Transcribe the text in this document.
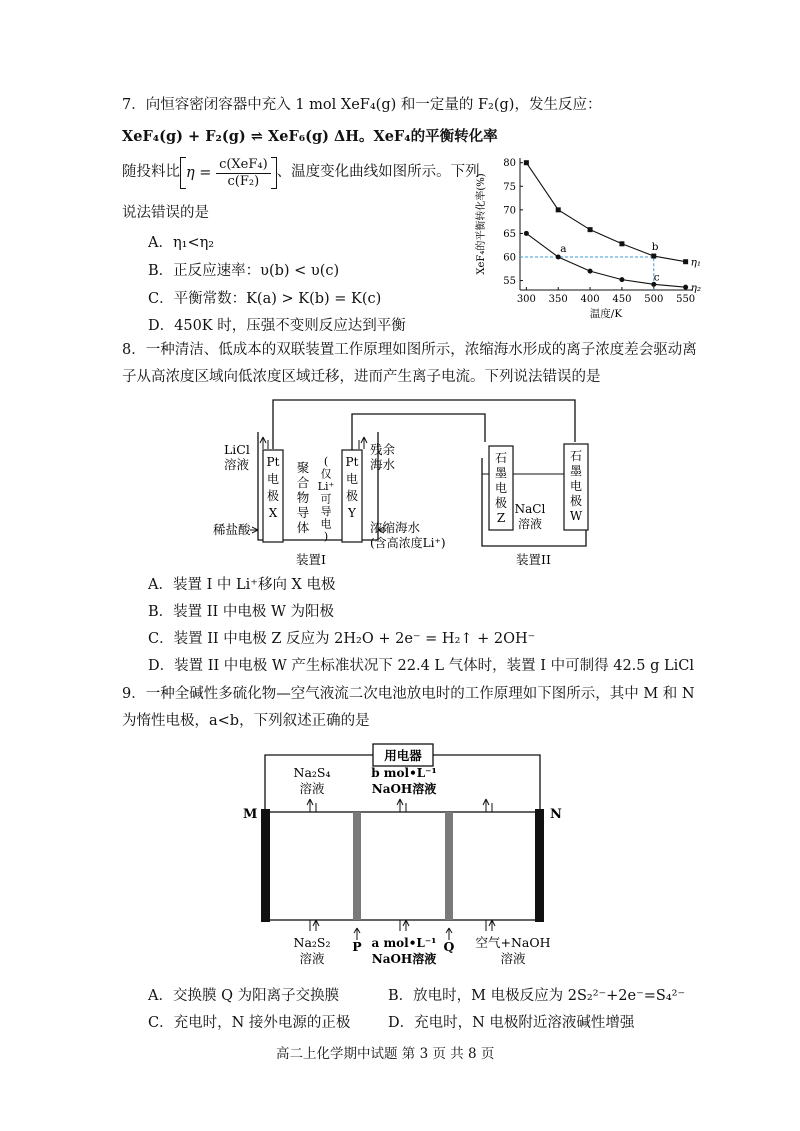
7．向恒容密闭容器中充入 1 mol XeF₄(g) 和一定量的 F₂(g)，发生反应：
XeF₄(g) + F₂(g) ⇌ XeF₆(g) ΔH。XeF₄的平衡转化率
随投料比 $\eta = \frac{\text{c(XeF₄)}}{\text{c(F₂)}}$ 、温度变化曲线如图所示。下列
说法错误的是
A．η₁<η₂
B．正反应速率：υ(b) < υ(c)
C．平衡常数：K(a) > K(b) = K(c)
D．450K 时，压强不变则反应达到平衡
300 350 400 450 500 550
55
60
65
70
75
80
温度/K
XeF₄的平衡转化率(%)	η₁
η₂
a	b
c
8．一种清洁、低成本的双联装置工作原理如图所示，浓缩海水形成的离子浓度差会驱动离
子从高浓度区域向低浓度区域迁移，进而产生离子电流。下列说法错误的是
LiCl
溶液
残余
海水
稀盐酸	浓缩海水
(含高浓度Li⁺)
装置I	装置II
NaCl
溶液
Pt
电
极
X
聚
合
物
导
体
(
仅
Li⁺
可
导
电
)
Pt
电
极
Y
石
墨
电
极
Z
石
墨
电
极
W
A．装置 I 中 Li⁺移向 X 电极
B．装置 II 中电极 W 为阳极
C．装置 II 中电极 Z 反应为 2H₂O + 2e⁻ = H₂↑ + 2OH⁻
D．装置 II 中电极 W 产生标准状况下 22.4 L 气体时，装置 I 中可制得 42.5 g LiCl
9．一种全碱性多硫化物—空气液流二次电池放电时的工作原理如下图所示，其中 M 和 N
为惰性电极，a<b，下列叙述正确的是
用电器
M	N
Na₂S₄
溶液
b mol•L⁻¹
NaOH溶液
Na₂S₂
溶液
P a mol•L⁻¹
NaOH溶液
Q 空气+NaOH
溶液
A．交换膜 Q 为阳离子交换膜	B．放电时，M 电极反应为 2S₂²⁻+2e⁻=S₄²⁻
C．充电时，N 接外电源的正极	D．充电时，N 电极附近溶液碱性增强
高二上化学期中试题 第 3 页 共 8 页
